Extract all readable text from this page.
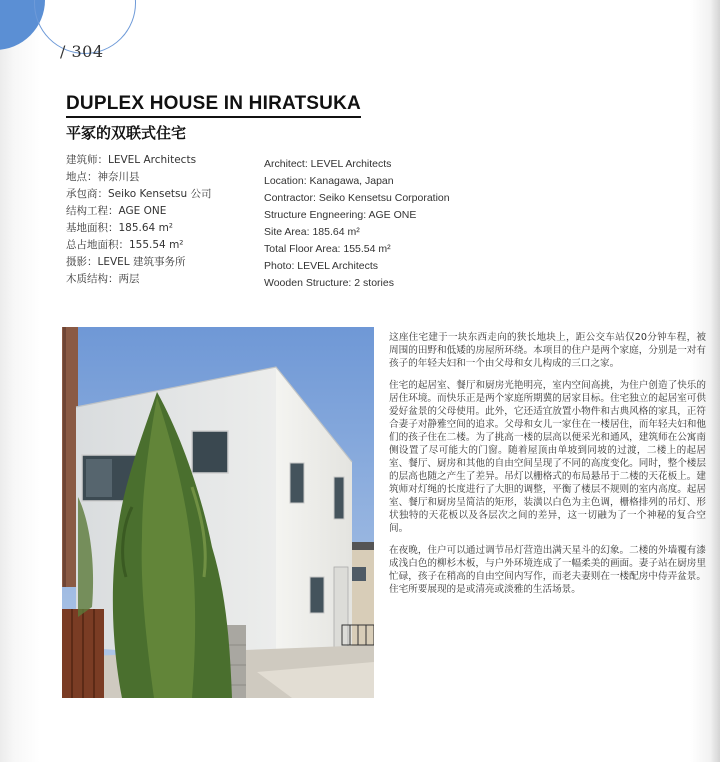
/ 304
DUPLEX HOUSE IN HIRATSUKA
平冢的双联式住宅
建筑师：LEVEL Architects
地点：神奈川县
承包商：Seiko Kensetsu 公司
结构工程：AGE ONE
基地面积：185.64 m²
总占地面积：155.54 m²
摄影：LEVEL 建筑事务所
木质结构：两层
Architect: LEVEL Architects
Location: Kanagawa, Japan
Contractor: Seiko Kensetsu Corporation
Structure Engneering: AGE ONE
Site Area: 185.64 m²
Total Floor Area: 155.54 m²
Photo: LEVEL Architects
Wooden Structure: 2 stories

这座住宅建于一块东西走向的狭长地块上，距公交车站仅20分钟车程，被周围的田野和低矮的房屋所环绕。本项目的住户是两个家庭，分别是一对有孩子的年轻夫妇和一个由父母和女儿构成的三口之家。

住宅的起居室、餐厅和厨房光艳明亮，室内空间高挑，为住户创造了快乐的居住环境。而快乐正是两个家庭所期冀的居家目标。住宅独立的起居室可供爱好盆景的父母使用。此外，它还适宜放置小物件和古典风格的家具，正符合妻子对静雅空间的追求。父母和女儿一家住在一楼居住，而年轻夫妇和他们的孩子住在二楼。为了挑高一楼的层高以便采光和通风，建筑师在公寓南侧设置了尽可能大的门窗。随着屋顶由单坡到同坡的过渡，二楼上的起居室、餐厅、厨房和其他的自由空间呈现了不同的高度变化。同时，整个楼层的层高也随之产生了差异。吊灯以栅格式的布局悬吊于二楼的天花板上。建筑师对灯绳的长度进行了大胆的调整，平衡了楼层不规则的室内高度。起居室、餐厅和厨房呈简洁的矩形，装潢以白色为主色调，栅格排列的吊灯、形状独特的天花板以及各层次之间的差异，这一切融为了一个神秘的复合空间。

在夜晚，住户可以通过调节吊灯营造出满天星斗的幻象。二楼的外墙覆有漆成浅白色的柳杉木板，与户外环境连成了一幅柔美的画面。妻子站在厨房里忙碌，孩子在稍高的自由空间内写作，而老夫妻则在一楼配房中侍弄盆景。住宅所要展现的是或清亮或淡雅的生活场景。
